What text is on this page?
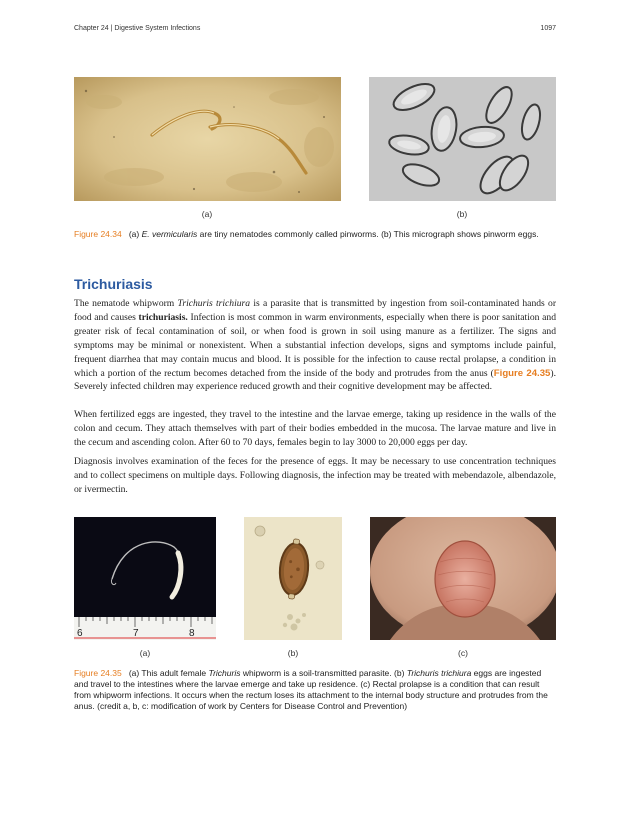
Chapter 24 | Digestive System Infections	1097
(a)	(b)
Figure 24.34 (a) E. vermicularis are tiny nematodes commonly called pinworms. (b) This micrograph shows pinworm eggs.
Trichuriasis

The nematode whipworm Trichuris trichiura is a parasite that is transmitted by ingestion from soil-contaminated hands or food and causes trichuriasis. Infection is most common in warm environments, especially when there is poor sanitation and greater risk of fecal contamination of soil, or when food is grown in soil using manure as a fertilizer. The signs and symptoms may be minimal or nonexistent. When a substantial infection develops, signs and symptoms include painful, frequent diarrhea that may contain mucus and blood. It is possible for the infection to cause rectal prolapse, a condition in which a portion of the rectum becomes detached from the inside of the body and protrudes from the anus (Figure 24.35). Severely infected children may experience reduced growth and their cognitive development may be affected.

When fertilized eggs are ingested, they travel to the intestine and the larvae emerge, taking up residence in the walls of the colon and cecum. They attach themselves with part of their bodies embedded in the mucosa. The larvae mature and live in the cecum and ascending colon. After 60 to 70 days, females begin to lay 3000 to 20,000 eggs per day.

Diagnosis involves examination of the feces for the presence of eggs. It may be necessary to use concentration techniques and to collect specimens on multiple days. Following diagnosis, the infection may be treated with mebendazole, albendazole, or ivermectin.

6	7	8
(a)	(b)	(c)
Figure 24.35 (a) This adult female Trichuris whipworm is a soil-transmitted parasite. (b) Trichuris trichiura eggs are ingested and travel to the intestines where the larvae emerge and take up residence. (c) Rectal prolapse is a condition that can result from whipworm infections. It occurs when the rectum loses its attachment to the internal body structure and protrudes from the anus. (credit a, b, c: modification of work by Centers for Disease Control and Prevention)
